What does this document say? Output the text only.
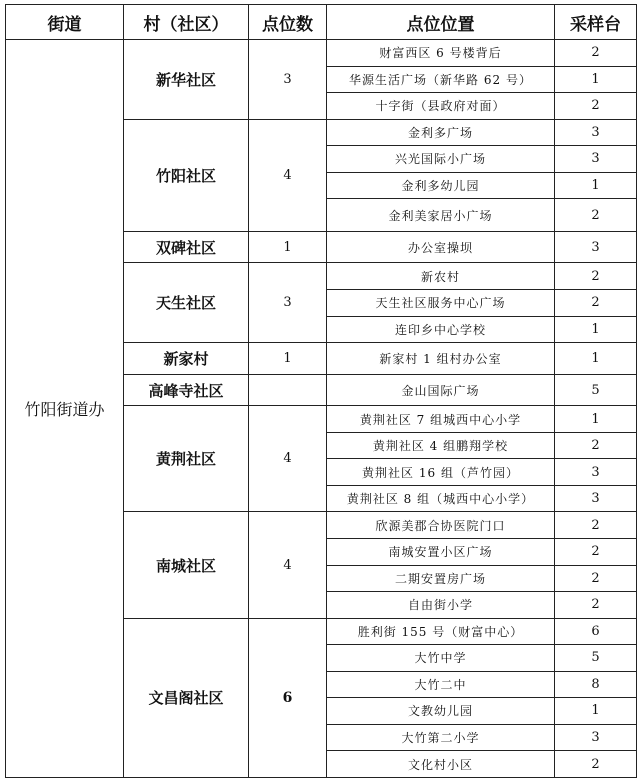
街道	村（社区）	点位数	点位位置	采样台
竹阳街道办	新华社区	3	财富西区 6 号楼背后	2
			华源生活广场（新华路 62 号）	1
			十字街（县政府对面）	2
	竹阳社区	4	金利多广场	3
			兴光国际小广场	3
			金利多幼儿园	1
			金利美家居小广场	2
	双碑社区	1	办公室操坝	3
	天生社区	3	新农村	2
			天生社区服务中心广场	2
			连印乡中心学校	1
	新家村	1	新家村 1 组村办公室	1
	高峰寺社区		金山国际广场	5
	黄荆社区	4	黄荆社区 7 组城西中心小学	1
			黄荆社区 4 组鹏翔学校	2
			黄荆社区 16 组（芦竹园）	3
			黄荆社区 8 组（城西中心小学）	3
	南城社区	4	欣源美郡合协医院门口	2
			南城安置小区广场	2
			二期安置房广场	2
			自由街小学	2
	文昌阁社区	6	胜利街 155 号（财富中心）	6
			大竹中学	5
			大竹二中	8
			文教幼儿园	1
			大竹第二小学	3
			文化村小区	2
